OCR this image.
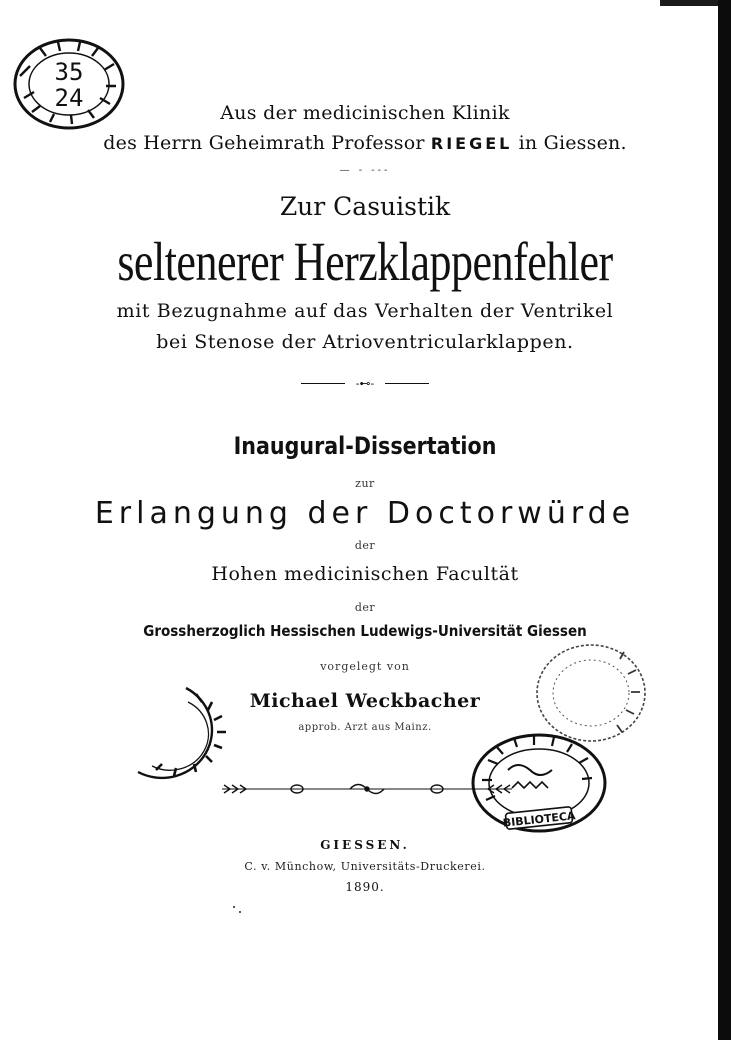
35
24
Aus der medicinischen Klinik
des Herrn Geheimrath Professor RIEGEL in Giessen.
— - ---
Zur Casuistik
seltenerer Herzklappenfehler
mit Bezugnahme auf das Verhalten der Ventrikel
bei Stenose der Atrioventricularklappen.
-⊷-
Inaugural-Dissertation
zur
Erlangung der Doctorwürde
der
Hohen medicinischen Facultät
der
Grossherzoglich Hessischen Ludewigs-Universität Giessen
vorgelegt von
Michael Weckbacher
approb. Arzt aus Mainz.
BIBLIOTECA
GIESSEN.
C. v. Münchow, Universitäts-Druckerei.
1890.
